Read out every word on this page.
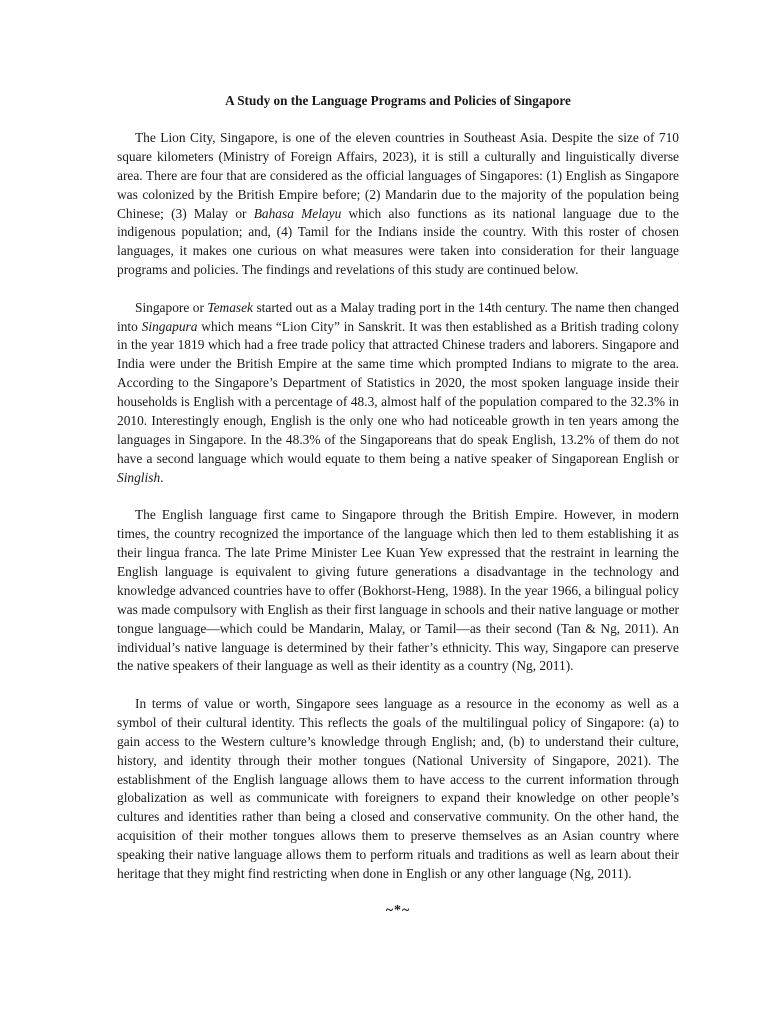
A Study on the Language Programs and Policies of Singapore

The Lion City, Singapore, is one of the eleven countries in Southeast Asia. Despite the size of 710 square kilometers (Ministry of Foreign Affairs, 2023), it is still a culturally and linguistically diverse area. There are four that are considered as the official languages of Singapores: (1) English as Singapore was colonized by the British Empire before; (2) Mandarin due to the majority of the population being Chinese; (3) Malay or Bahasa Melayu which also functions as its national language due to the indigenous population; and, (4) Tamil for the Indians inside the country. With this roster of chosen languages, it makes one curious on what measures were taken into consideration for their language programs and policies. The findings and revelations of this study are continued below.

Singapore or Temasek started out as a Malay trading port in the 14th century. The name then changed into Singapura which means “Lion City” in Sanskrit. It was then established as a British trading colony in the year 1819 which had a free trade policy that attracted Chinese traders and laborers. Singapore and India were under the British Empire at the same time which prompted Indians to migrate to the area. According to the Singapore’s Department of Statistics in 2020, the most spoken language inside their households is English with a percentage of 48.3, almost half of the population compared to the 32.3% in 2010. Interestingly enough, English is the only one who had noticeable growth in ten years among the languages in Singapore. In the 48.3% of the Singaporeans that do speak English, 13.2% of them do not have a second language which would equate to them being a native speaker of Singaporean English or Singlish.

The English language first came to Singapore through the British Empire. However, in modern times, the country recognized the importance of the language which then led to them establishing it as their lingua franca. The late Prime Minister Lee Kuan Yew expressed that the restraint in learning the English language is equivalent to giving future generations a disadvantage in the technology and knowledge advanced countries have to offer (Bokhorst-Heng, 1988). In the year 1966, a bilingual policy was made compulsory with English as their first language in schools and their native language or mother tongue language—which could be Mandarin, Malay, or Tamil—as their second (Tan & Ng, 2011). An individual’s native language is determined by their father’s ethnicity. This way, Singapore can preserve the native speakers of their language as well as their identity as a country (Ng, 2011).

In terms of value or worth, Singapore sees language as a resource in the economy as well as a symbol of their cultural identity. This reflects the goals of the multilingual policy of Singapore: (a) to gain access to the Western culture’s knowledge through English; and, (b) to understand their culture, history, and identity through their mother tongues (National University of Singapore, 2021). The establishment of the English language allows them to have access to the current information through globalization as well as communicate with foreigners to expand their knowledge on other people’s cultures and identities rather than being a closed and conservative community. On the other hand, the acquisition of their mother tongues allows them to preserve themselves as an Asian country where speaking their native language allows them to perform rituals and traditions as well as learn about their heritage that they might find restricting when done in English or any other language (Ng, 2011).

~*~
